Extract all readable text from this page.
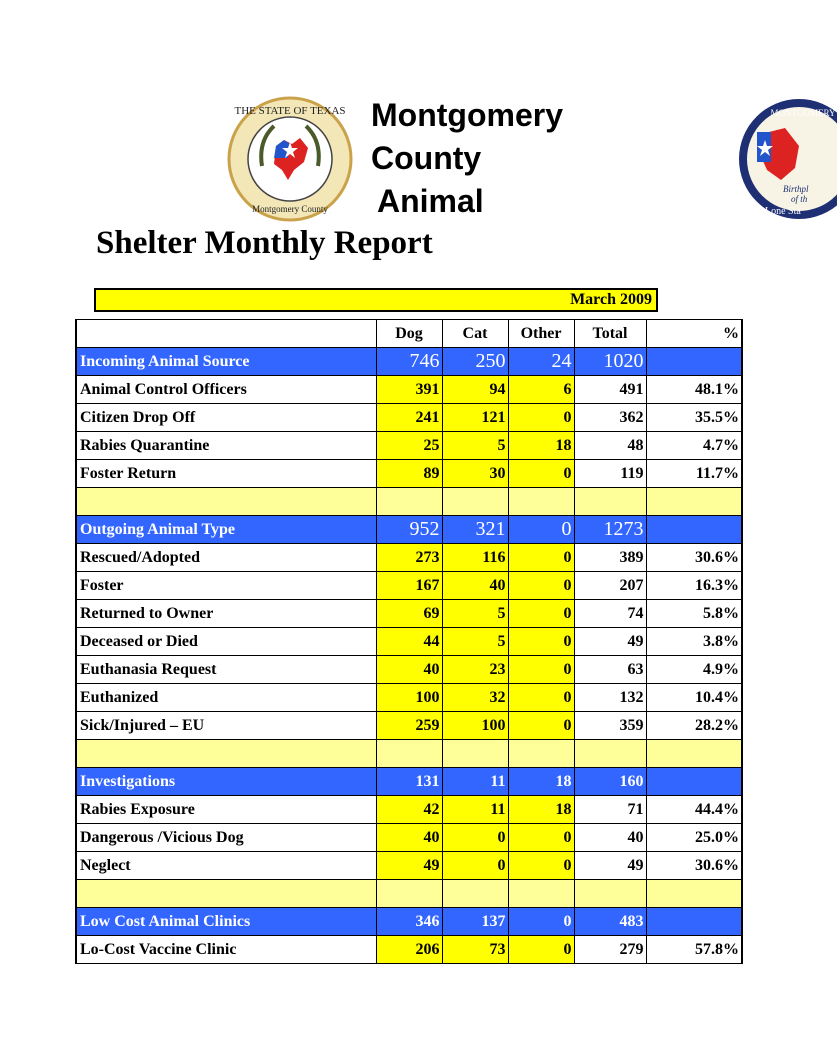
THE STATE OF TEXAS
Montgomery County
MONTGOMERY
Birthpl
of th
Lone Sta
Montgomery
County
Animal
Shelter Monthly Report
March 2009
	Dog	Cat	Other	Total	%
Incoming Animal Source	746	250	24	1020	
Animal Control Officers	391	94	6	491	48.1%
Citizen Drop Off	241	121	0	362	35.5%
Rabies Quarantine	25	5	18	48	4.7%
Foster Return	89	30	0	119	11.7%

Outgoing Animal Type	952	321	0	1273	
Rescued/Adopted	273	116	0	389	30.6%
Foster	167	40	0	207	16.3%
Returned to Owner	69	5	0	74	5.8%
Deceased or Died	44	5	0	49	3.8%
Euthanasia Request	40	23	0	63	4.9%
Euthanized	100	32	0	132	10.4%
Sick/Injured – EU	259	100	0	359	28.2%

Investigations	131	11	18	160	
Rabies Exposure	42	11	18	71	44.4%
Dangerous /Vicious Dog	40	0	0	40	25.0%
Neglect	49	0	0	49	30.6%

Low Cost Animal Clinics	346	137	0	483	
Lo-Cost Vaccine Clinic	206	73	0	279	57.8%
